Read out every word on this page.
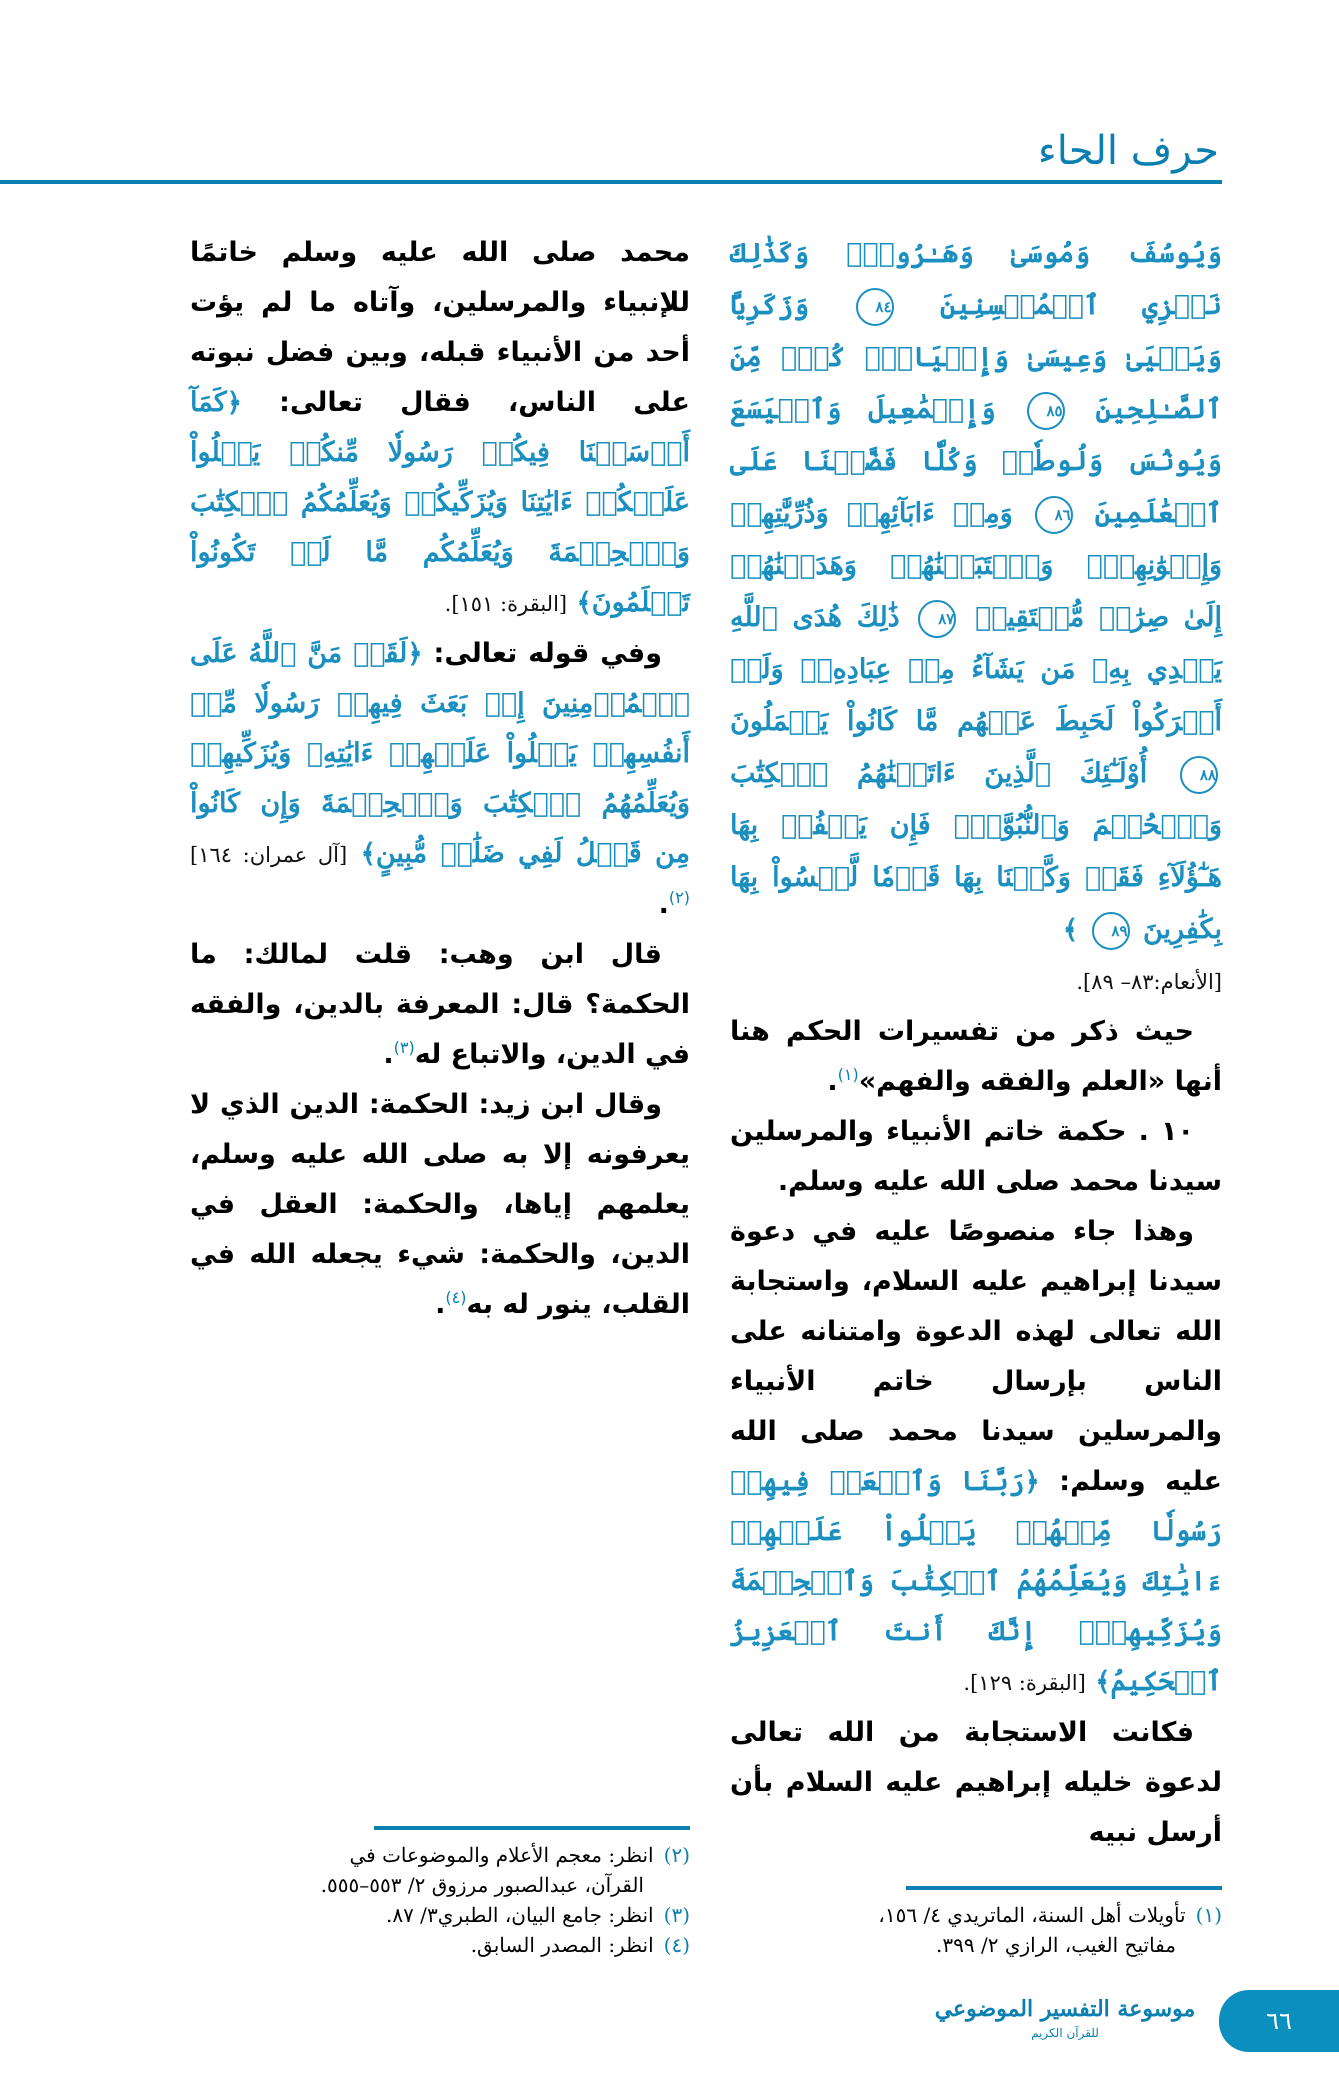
حرف الحاء

وَيُوسُفَ وَمُوسَىٰ وَهَـٰرُونَۚ وَكَذَٰلِكَ نَجۡزِي ٱلۡمُحۡسِنِينَ ٨٤ وَزَكَرِيَّا وَيَحۡيَىٰ وَعِيسَىٰ وَإِلۡيَاسَۖ كُلّٞ مِّنَ ٱلصَّـٰلِحِينَ ٨٥ وَإِسۡمَٰعِيلَ وَٱلۡيَسَعَ وَيُونُسَ وَلُوطٗاۚ وَكُلّٗا فَضَّلۡنَا عَلَى ٱلۡعَٰلَمِينَ ٨٦ وَمِنۡ ءَابَآئِهِمۡ وَذُرِّيَّٰتِهِمۡ وَإِخۡوَٰنِهِمۡۖ وَٱجۡتَبَيۡنَٰهُمۡ وَهَدَيۡنَٰهُمۡ إِلَىٰ صِرَٰطٖ مُّسۡتَقِيمٖ ٨٧ ذَٰلِكَ هُدَى ٱللَّهِ يَهۡدِي بِهِۦ مَن يَشَآءُ مِنۡ عِبَادِهِۦۚ وَلَوۡ أَشۡرَكُواْ لَحَبِطَ عَنۡهُم مَّا كَانُواْ يَعۡمَلُونَ ٨٨ أُوْلَـٰٓئِكَ ٱلَّذِينَ ءَاتَيۡنَٰهُمُ ٱلۡكِتَٰبَ وَٱلۡحُكۡمَ وَٱلنُّبُوَّةَۚ فَإِن يَكۡفُرۡ بِهَا هَـٰٓؤُلَآءِ فَقَدۡ وَكَّلۡنَا بِهَا قَوۡمٗا لَّيۡسُواْ بِهَا بِكَٰفِرِينَ ٨٩ ﴾

[الأنعام:٨٣– ٨٩].

حيث ذكر من تفسيرات الحكم هنا أنها «العلم والفقه والفهم»$^{(١)}$.

١٠ . حكمة خاتم الأنبياء والمرسلين سيدنا محمد صلى الله عليه وسلم.

وهذا جاء منصوصًا عليه في دعوة سيدنا إبراهيم عليه السلام، واستجابة الله تعالى لهذه الدعوة وامتنانه على الناس بإرسال خاتم الأنبياء والمرسلين سيدنا محمد صلى الله عليه وسلم: ﴿رَبَّنَا وَٱبۡعَثۡ فِيهِمۡ رَسُولٗا مِّنۡهُمۡ يَتۡلُواْ عَلَيۡهِمۡ ءَايَٰتِكَ وَيُعَلِّمُهُمُ ٱلۡكِتَٰبَ وَٱلۡحِكۡمَةَ وَيُزَكِّيهِمۡۖ إِنَّكَ أَنتَ ٱلۡعَزِيزُ ٱلۡحَكِيمُ﴾ [البقرة: ١٢٩].

فكانت الاستجابة من الله تعالى لدعوة خليله إبراهيم عليه السلام بأن أرسل نبيه

(١)تأويلات أهل السنة، الماتريدي ٤/ ١٥٦،
مفاتيح الغيب، الرازي ٢/ ٣٩٩.

محمد صلى الله عليه وسلم خاتمًا للإنبياء والمرسلين، وآتاه ما لم يؤت أحد من الأنبياء قبله، وبين فضل نبوته على الناس، فقال تعالى: ﴿كَمَآ أَرۡسَلۡنَا فِيكُمۡ رَسُولٗا مِّنكُمۡ يَتۡلُواْ عَلَيۡكُمۡ ءَايَٰتِنَا وَيُزَكِّيكُمۡ وَيُعَلِّمُكُمُ ٱلۡكِتَٰبَ وَٱلۡحِكۡمَةَ وَيُعَلِّمُكُم مَّا لَمۡ تَكُونُواْ تَعۡلَمُونَ﴾ [البقرة: ١٥١].

وفي قوله تعالى: ﴿لَقَدۡ مَنَّ ٱللَّهُ عَلَى ٱلۡمُؤۡمِنِينَ إِذۡ بَعَثَ فِيهِمۡ رَسُولٗا مِّنۡ أَنفُسِهِمۡ يَتۡلُواْ عَلَيۡهِمۡ ءَايَٰتِهِۦ وَيُزَكِّيهِمۡ وَيُعَلِّمُهُمُ ٱلۡكِتَٰبَ وَٱلۡحِكۡمَةَ وَإِن كَانُواْ مِن قَبۡلُ لَفِي ضَلَٰلٖ مُّبِينٍ﴾ [آل عمران: ١٦٤]$^{(٢)}$.

قال ابن وهب: قلت لمالك: ما الحكمة؟ قال: المعرفة بالدين، والفقه في الدين، والاتباع له$^{(٣)}$.

وقال ابن زيد: الحكمة: الدين الذي لا يعرفونه إلا به صلى الله عليه وسلم، يعلمهم إياها، والحكمة: العقل في الدين، والحكمة: شيء يجعله الله في القلب، ينور له به$^{(٤)}$.

(٢)انظر: معجم الأعلام والموضوعات في
القرآن، عبدالصبور مرزوق ٢/ ٥٥٣–٥٥٥.

(٣)انظر: جامع البيان، الطبري٣/ ٨٧.

(٤)انظر: المصدر السابق.

موسوعة التفسير الموضوعي
للقرآن الكريم	٦٦
